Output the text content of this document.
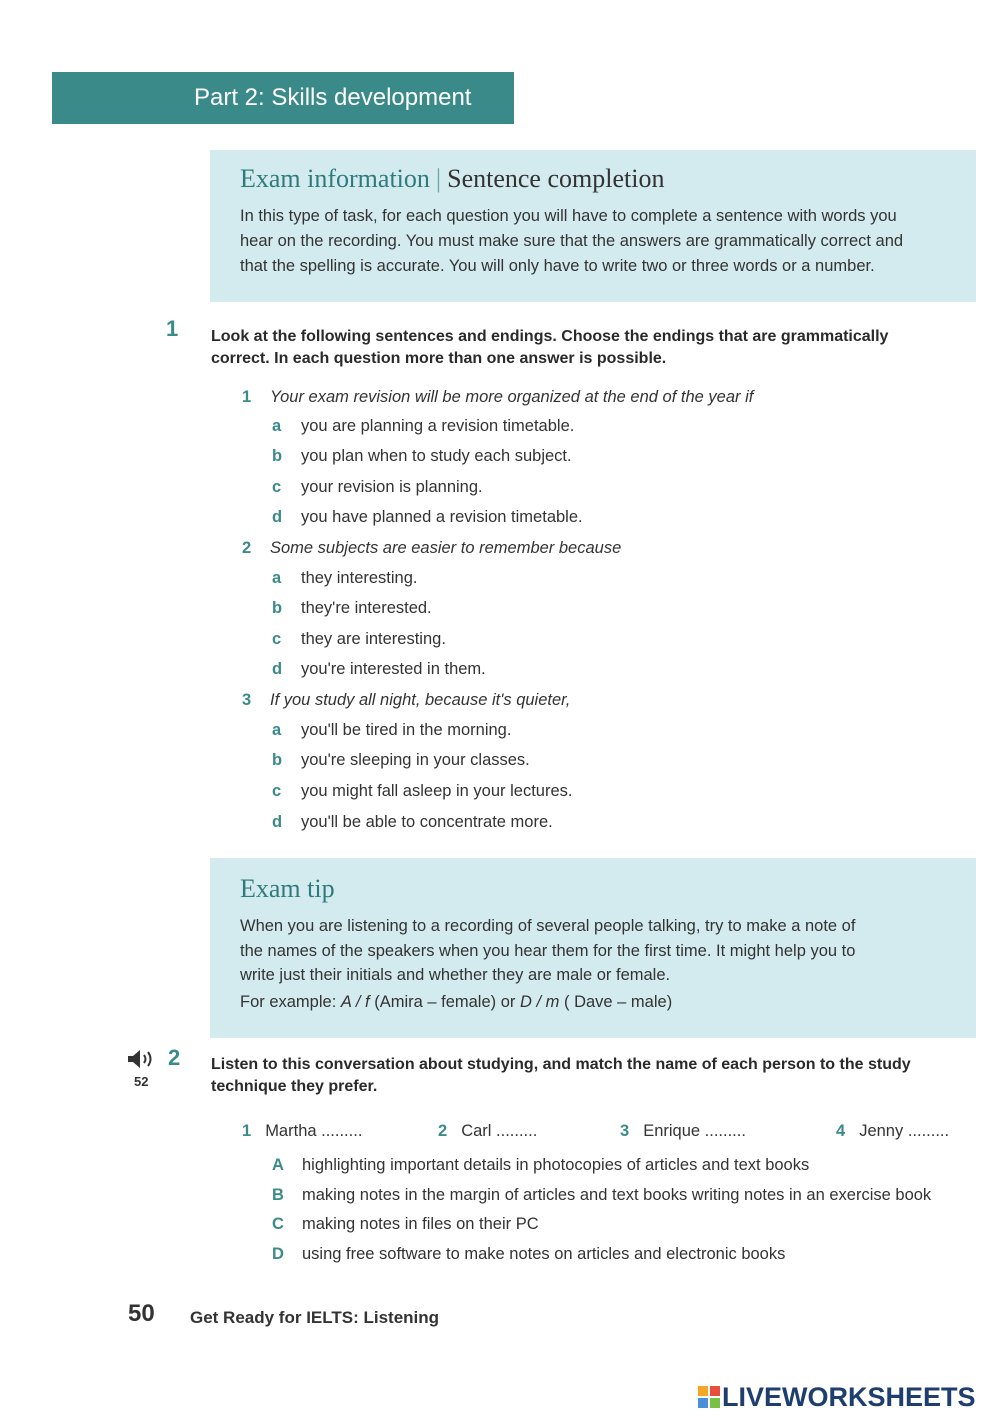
Part 2: Skills development
Exam information | Sentence completion
In this type of task, for each question you will have to complete a sentence with words you
hear on the recording. You must make sure that the answers are grammatically correct and
that the spelling is accurate. You will only have to write two or three words or a number.
1 Look at the following sentences and endings. Choose the endings that are grammatically
correct. In each question more than one answer is possible.
1 Your exam revision will be more organized at the end of the year if
a you are planning a revision timetable.
b you plan when to study each subject.
c your revision is planning.
d you have planned a revision timetable.
2 Some subjects are easier to remember because
a they interesting.
b they're interested.
c they are interesting.
d you're interested in them.
3 If you study all night, because it's quieter,
a you'll be tired in the morning.
b you're sleeping in your classes.
c you might fall asleep in your lectures.
d you'll be able to concentrate more.
Exam tip
When you are listening to a recording of several people talking, try to make a note of
the names of the speakers when you hear them for the first time. It might help you to
write just their initials and whether they are male or female.
For example: A / f (Amira – female) or D / m ( Dave – male)
52
2 Listen to this conversation about studying, and match the name of each person to the study
technique they prefer.
1 Martha .........	2 Carl .........	3 Enrique .........	4 Jenny .........
A highlighting important details in photocopies of articles and text books
B making notes in the margin of articles and text books writing notes in an exercise book
C making notes in files on their PC
D using free software to make notes on articles and electronic books
50 Get Ready for IELTS: Listening
LIVEWORKSHEETS
